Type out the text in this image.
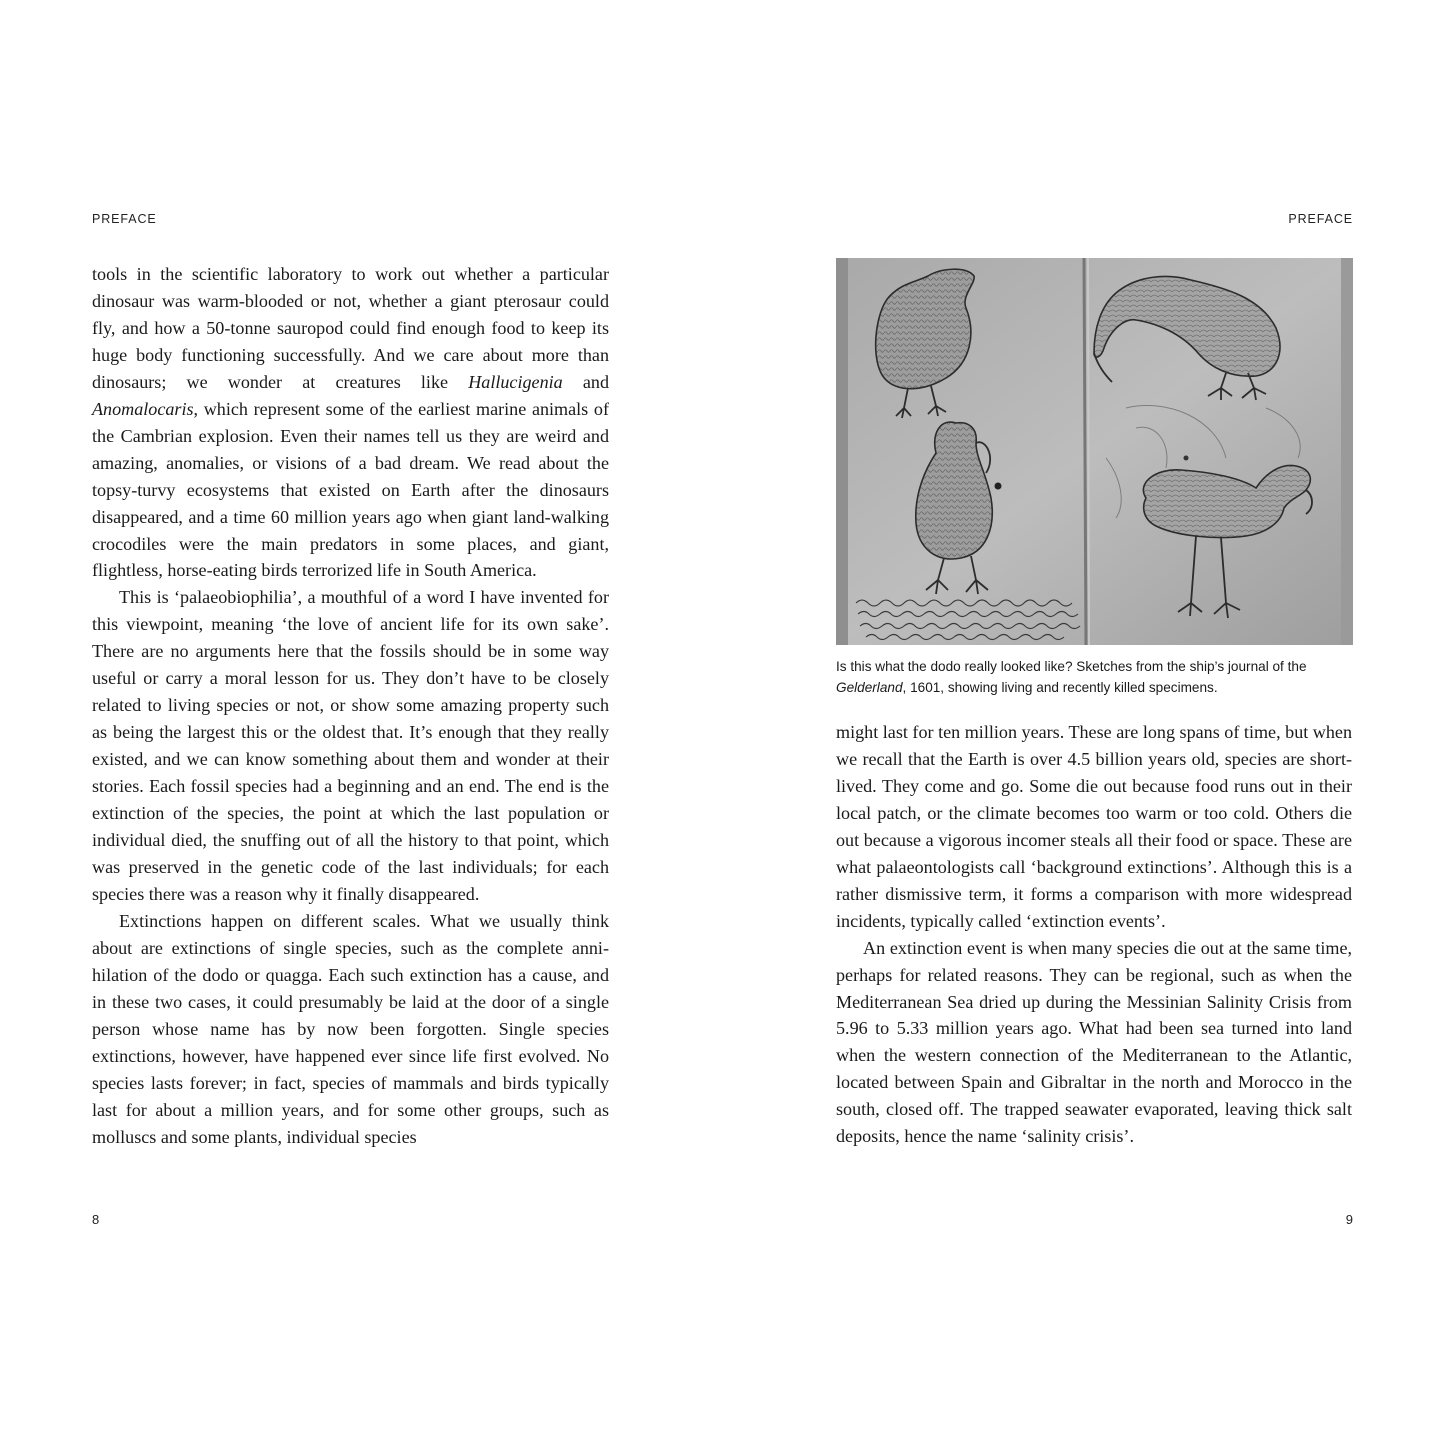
PREFACE	PREFACE

tools in the scientific laboratory to work out whether a particular dinosaur was warm-blooded or not, whether a giant pterosaur could fly, and how a 50-tonne sauropod could find enough food to keep its huge body functioning successfully. And we care about more than dinosaurs; we wonder at creatures like Hallucigenia and Anomalocaris, which represent some of the earliest marine animals of the Cambrian explosion. Even their names tell us they are weird and amazing, anomalies, or visions of a bad dream. We read about the topsy-turvy ecosystems that existed on Earth after the dinosaurs disappeared, and a time 60 million years ago when giant land-walking crocodiles were the main predators in some places, and giant, flightless, horse-eating birds terrorized life in South America.

This is ‘palaeobiophilia’, a mouthful of a word I have invented for this viewpoint, meaning ‘the love of ancient life for its own sake’. There are no arguments here that the fossils should be in some way useful or carry a moral lesson for us. They don’t have to be closely related to living species or not, or show some amazing property such as being the largest this or the oldest that. It’s enough that they really existed, and we can know something about them and wonder at their stories. Each fossil species had a beginning and an end. The end is the extinction of the species, the point at which the last population or individual died, the snuffing out of all the history to that point, which was preserved in the genetic code of the last individuals; for each species there was a reason why it finally disappeared.

Extinctions happen on different scales. What we usually think about are extinctions of single species, such as the complete annihilation of the dodo or quagga. Each such extinction has a cause, and in these two cases, it could presumably be laid at the door of a single person whose name has by now been forgotten. Single species extinctions, however, have happened ever since life first evolved. No species lasts forever; in fact, species of mammals and birds typically last for about a million years, and for some other groups, such as molluscs and some plants, individual species

Is this what the dodo really looked like? Sketches from the ship’s journal of the Gelderland, 1601, showing living and recently killed specimens.

might last for ten million years. These are long spans of time, but when we recall that the Earth is over 4.5 billion years old, species are short-lived. They come and go. Some die out because food runs out in their local patch, or the climate becomes too warm or too cold. Others die out because a vigorous incomer steals all their food or space. These are what palaeontologists call ‘background extinctions’. Although this is a rather dismissive term, it forms a comparison with more widespread incidents, typically called ‘extinction events’.

An extinction event is when many species die out at the same time, perhaps for related reasons. They can be regional, such as when the Mediterranean Sea dried up during the Messinian Salinity Crisis from 5.96 to 5.33 million years ago. What had been sea turned into land when the western connection of the Mediterranean to the Atlantic, located between Spain and Gibraltar in the north and Morocco in the south, closed off. The trapped seawater evaporated, leaving thick salt deposits, hence the name ‘salinity crisis’.

8	9
